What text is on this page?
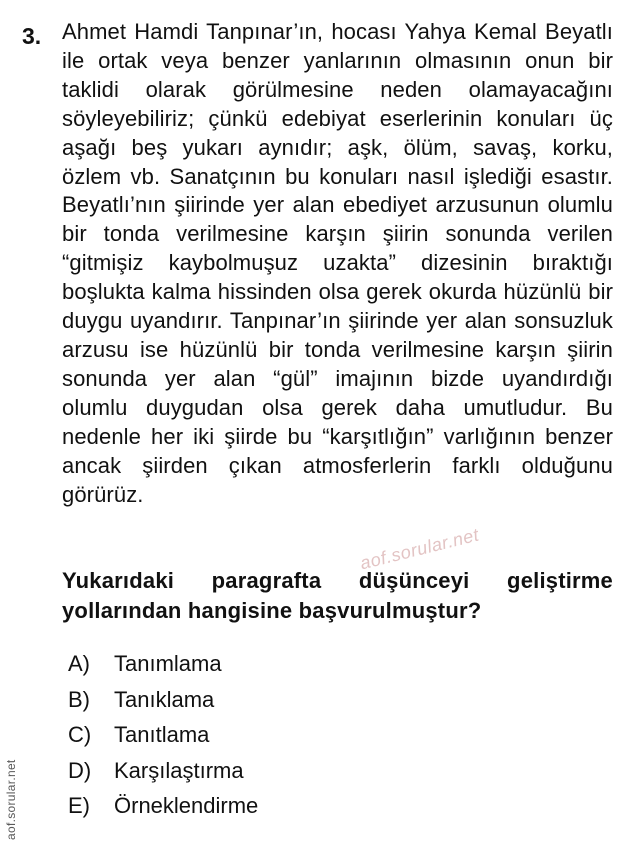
3. Ahmet Hamdi Tanpınar’ın, hocası Yahya Kemal Beyatlı ile ortak veya benzer yanlarının olmasının onun bir taklidi olarak görülmesine neden olamayacağını söyleyebiliriz; çünkü edebiyat eserlerinin konuları üç aşağı beş yukarı aynıdır; aşk, ölüm, savaş, korku, özlem vb. Sanatçının bu konuları nasıl işlediği esastır. Beyatlı’nın şiirinde yer alan ebediyet arzusunun olumlu bir tonda verilmesine karşın şiirin sonunda verilen “gitmişiz kaybolmuşuz uzakta” dizesinin bıraktığı boşlukta kalma hissinden olsa gerek okurda hüzünlü bir duygu uyandırır. Tanpınar’ın şiirinde yer alan sonsuzluk arzusu ise hüzünlü bir tonda verilmesine karşın şiirin sonunda yer alan “gül” imajının bizde uyandırdığı olumlu duygudan olsa gerek daha umutludur. Bu nedenle her iki şiirde bu “karşıtlığın” varlığının benzer ancak şiirden çıkan atmosferlerin farklı olduğunu görürüz.

Yukarıdaki paragrafta düşünceyi geliştirme yollarından hangisine başvurulmuştur?

A)	Tanımlama
B)	Tanıklama
C)	Tanıtlama
D)	Karşılaştırma
E)	Örneklendirme
aof.sorular.net
aof.sorular.net
